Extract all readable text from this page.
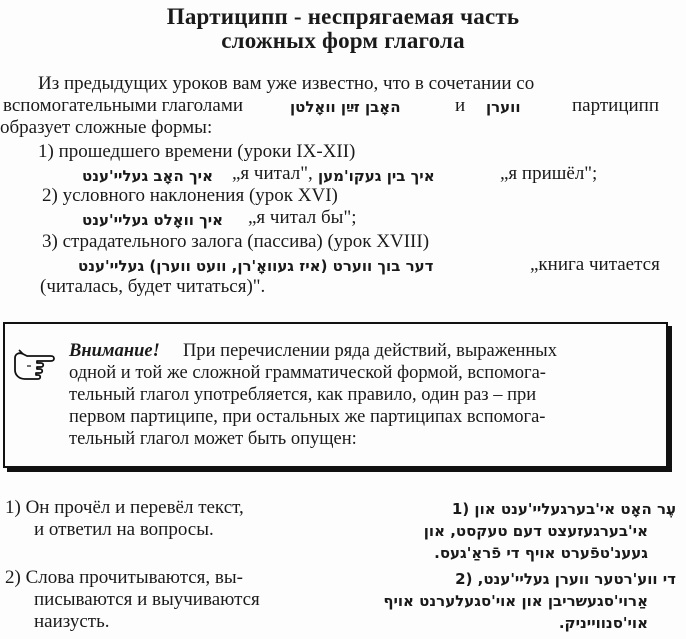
Партиципп - неспрягаемая часть
сложных форм глагола
Из предыдущих уроков вам уже известно, что в сочетании со
вспомогательными глаголами	האָבן זײַן וואָלטן	и ווערן	партиципп
образует сложные формы:
1) прошедшего времени (уроки IX-XII)
איך האָב געליי'ענט „я читал", איך בין געקו'מען	„я пришёл";
2) условного наклонения (урок XVI)
איך וואָלט געליי'ענט „я читал бы";
3) страдательного залога (пассива) (урок XVIII)
דער בוך ווערט (איז געוואָ'רן, וועט ווערן) געליי'ענט	„книга читается
(читалась, будет читаться)".
Внимание! При перечислении ряда действий, выраженных
одной и той же сложной грамматической формой, вспомога-
тельный глагол употребляется, как правило, один раз – при
первом партиципе, при остальных же партиципах вспомога-
тельный глагол может быть опущен:
1) Он прочёл и перевёл текст,
и ответил на вопросы.
עֶר האָט אי'בערגעליי'ענט און (1
אי'בערגעזעצט דעם טעקסט, און
געענ'טפֿערט אויף די פֿראַ'געס.
2) Слова прочитываются, вы-
писываются и выучиваются
наизусть.
די ווע'רטער ווערן געליי'ענט, (2
אַרוי'סגעשריבן און אוי'סגעלערנט אויף
אוי'סנווייניק.
